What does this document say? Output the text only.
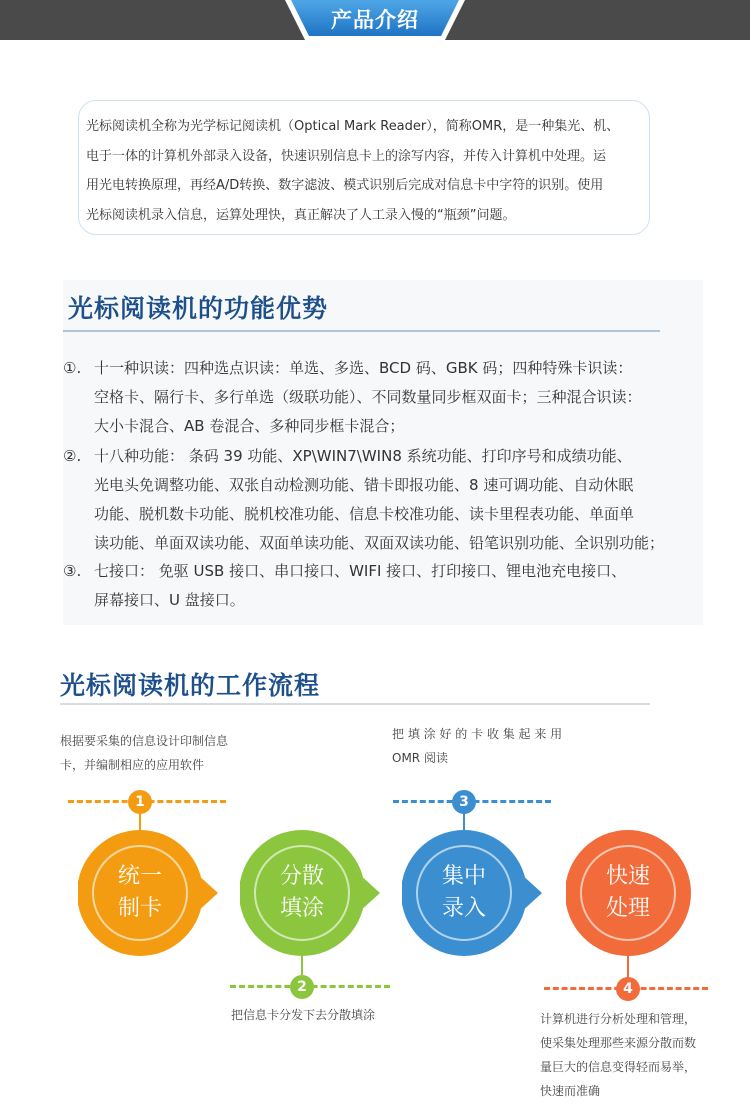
产品介绍
光标阅读机全称为光学标记阅读机（Optical Mark Reader），简称OMR，是一种集光、机、
电于一体的计算机外部录入设备，快速识别信息卡上的涂写内容，并传入计算机中处理。运
用光电转换原理，再经A/D转换、数字滤波、模式识别后完成对信息卡中字符的识别。使用
光标阅读机录入信息，运算处理快，真正解决了人工录入慢的“瓶颈”问题。
光标阅读机的功能优势
①. 十一种识读：四种选点识读：单选、多选、BCD 码、GBK 码；四种特殊卡识读：
空格卡、隔行卡、多行单选（级联功能）、不同数量同步框双面卡；三种混合识读：
大小卡混合、AB 卷混合、多种同步框卡混合；
②. 十八种功能： 条码 39 功能、XP\WIN7\WIN8 系统功能、打印序号和成绩功能、
光电头免调整功能、双张自动检测功能、错卡即报功能、8 速可调功能、自动休眠
功能、脱机数卡功能、脱机校准功能、信息卡校准功能、读卡里程表功能、单面单
读功能、单面双读功能、双面单读功能、双面双读功能、铅笔识别功能、全识别功能；
③. 七接口： 免驱 USB 接口、串口接口、WIFI 接口、打印接口、锂电池充电接口、
屏幕接口、U 盘接口。
光标阅读机的工作流程
根据要采集的信息设计印制信息
卡，并编制相应的应用软件
把 填 涂 好 的 卡 收 集 起 来 用
OMR 阅读
把信息卡分发下去分散填涂	计算机进行分析处理和管理，
使采集处理那些来源分散而数
量巨大的信息变得轻而易举，
快速而准确
1
统一
制卡
分散
填涂
2
3
集中
录入
快速
处理
4
